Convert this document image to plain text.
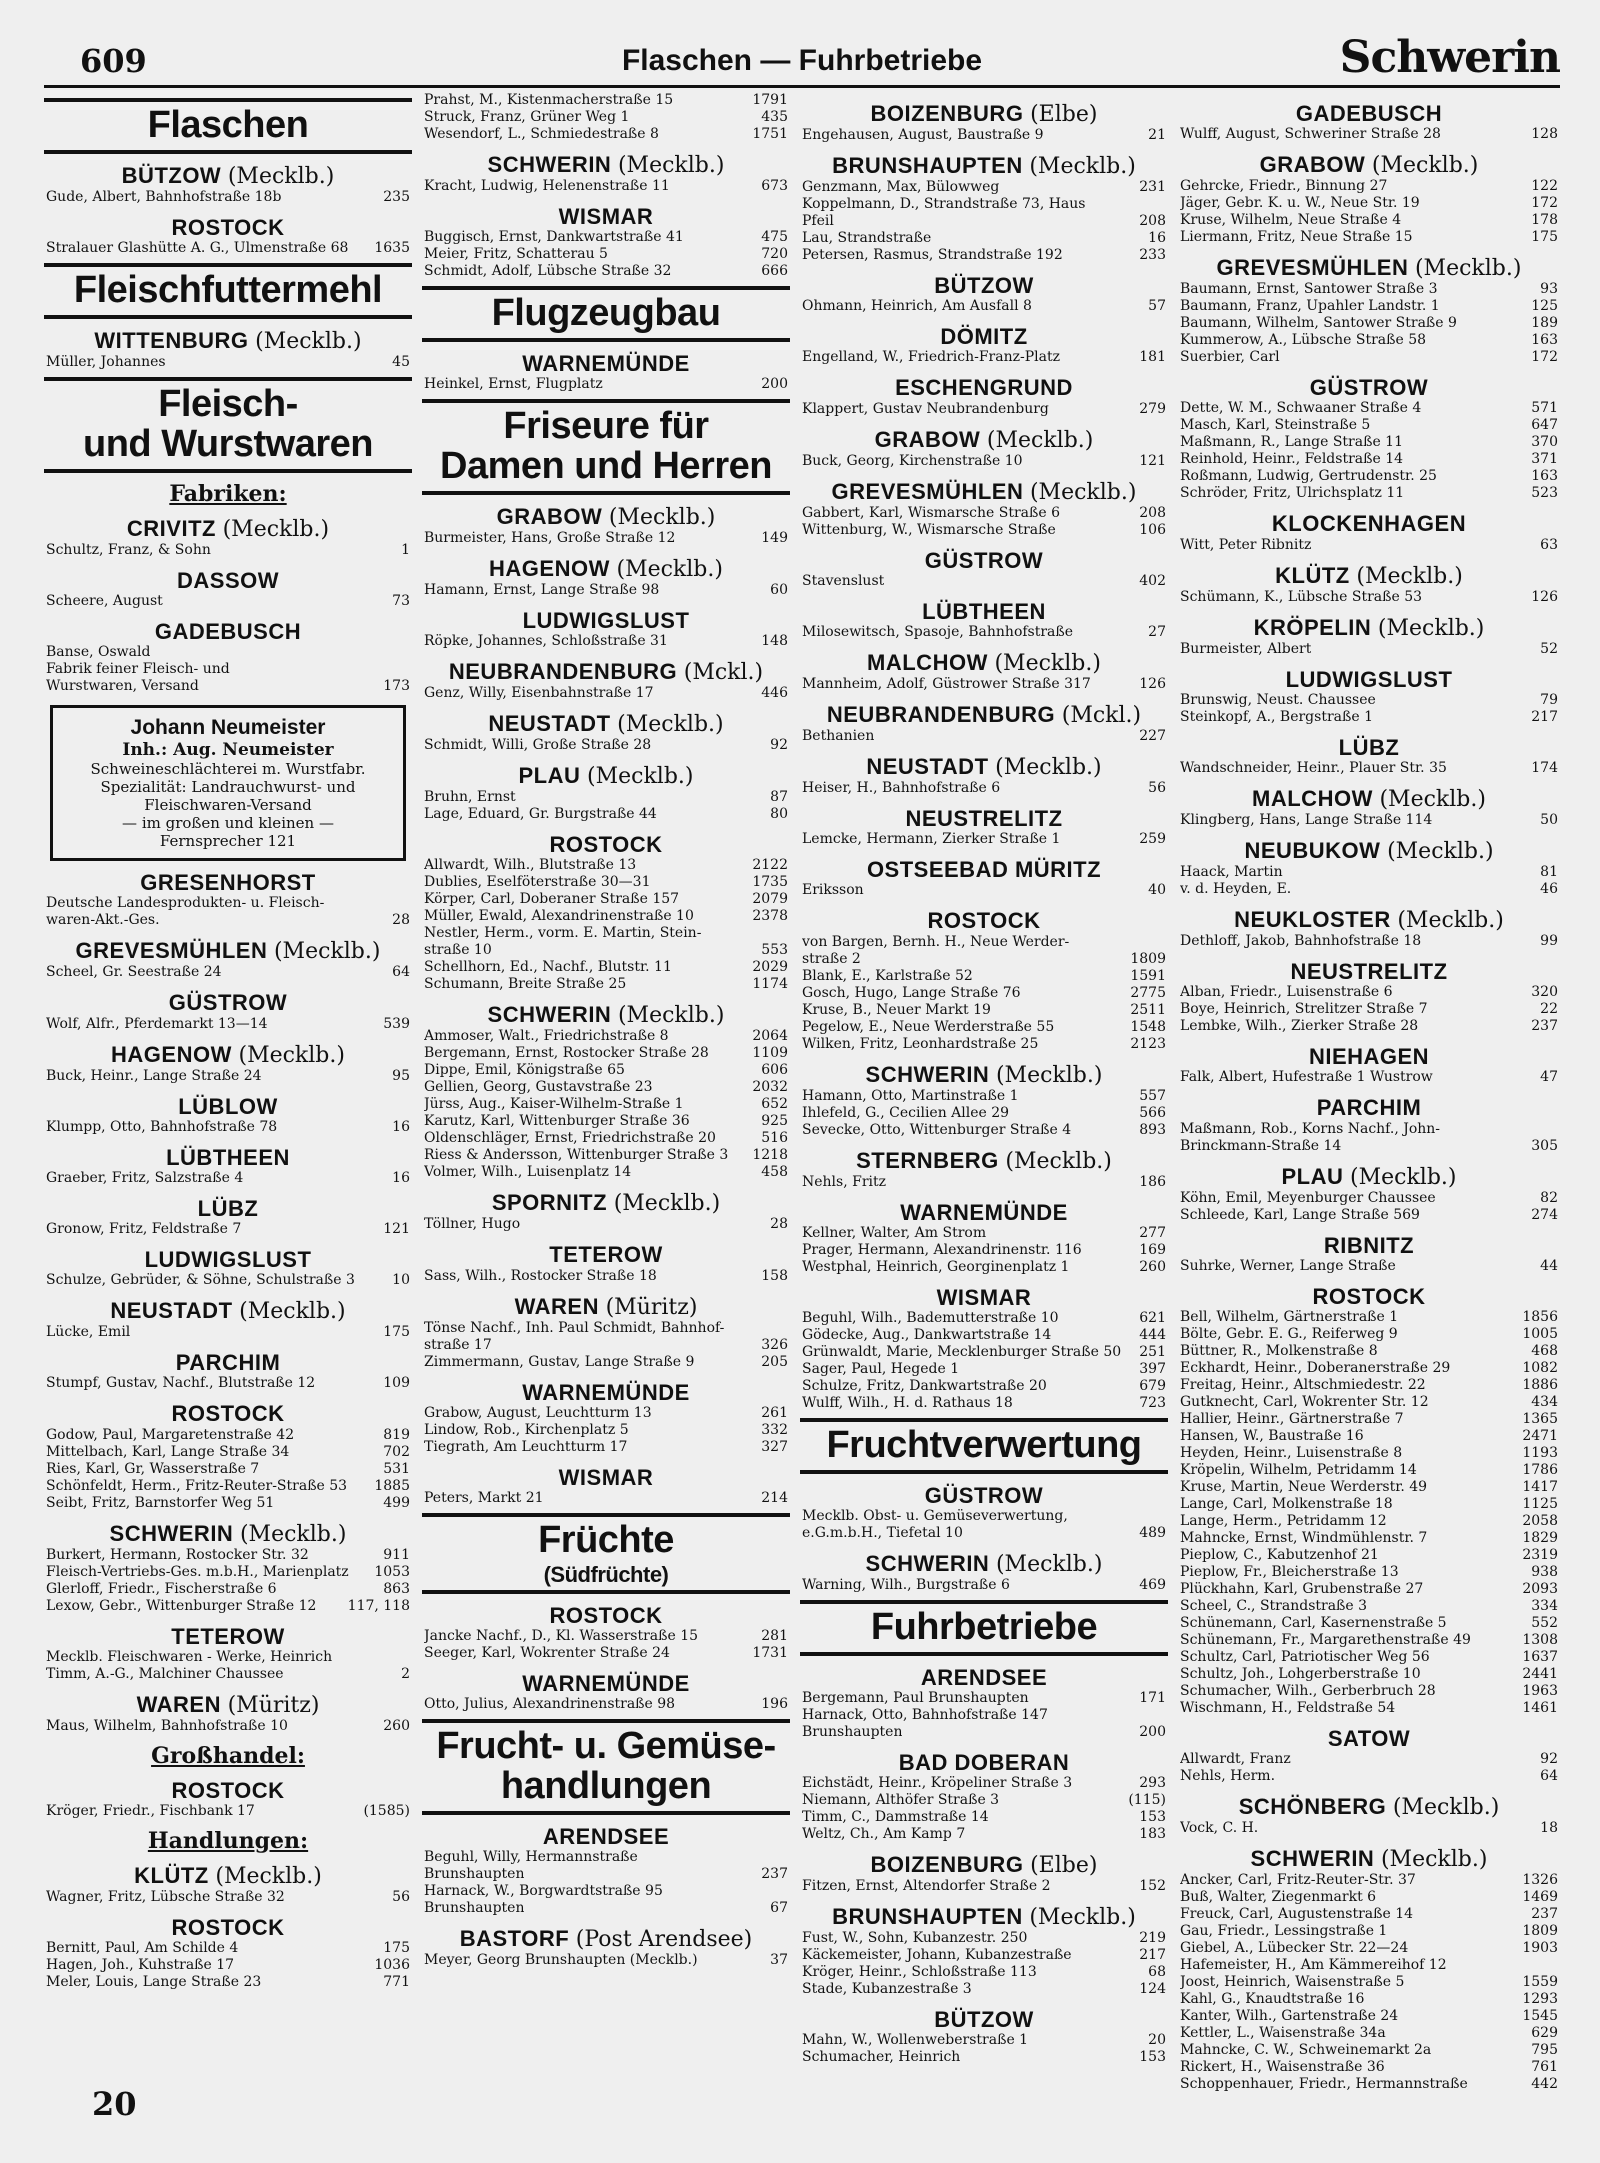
609	Flaschen — Fuhrbetriebe	Schwerin
Flaschen
BÜTZOW (Mecklb.)
Gude, Albert, Bahnhofstraße 18b	235
ROSTOCK
Stralauer Glashütte A. G., Ulmenstraße 68 1635
Fleischfuttermehl
WITTENBURG (Mecklb.)
Müller, Johannes	45
Fleisch-
und Wurstwaren
Fabriken:
CRIVITZ (Mecklb.)
Schultz, Franz, & Sohn	1
DASSOW
Scheere, August	73
GADEBUSCH
Banse, Oswald
Fabrik feiner Fleisch- und
Wurstwaren, Versand	173
Johann Neumeister
Inh.: Aug. Neumeister
Schweineschlächterei m. Wurstfabr.
Spezialität: Landrauchwurst- und
Fleischwaren-Versand
— im großen und kleinen —
Fernsprecher 121
GRESENHORST
Deutsche Landesprodukten- u. Fleisch-
waren-Akt.-Ges.	28
GREVESMÜHLEN (Mecklb.)
Scheel, Gr. Seestraße 24	64
GÜSTROW
Wolf, Alfr., Pferdemarkt 13—14	539
HAGENOW (Mecklb.)
Buck, Heinr., Lange Straße 24	95
LÜBLOW
Klumpp, Otto, Bahnhofstraße 78	16
LÜBTHEEN
Graeber, Fritz, Salzstraße 4	16
LÜBZ
Gronow, Fritz, Feldstraße 7	121
LUDWIGSLUST
Schulze, Gebrüder, & Söhne, Schulstraße 3	10
NEUSTADT (Mecklb.)
Lücke, Emil	175
PARCHIM
Stumpf, Gustav, Nachf., Blutstraße 12	109
ROSTOCK
Godow, Paul, Margaretenstraße 42	819
Mittelbach, Karl, Lange Straße 34	702
Ries, Karl, Gr, Wasserstraße 7	531
Schönfeldt, Herm., Fritz-Reuter-Straße 53 1885
Seibt, Fritz, Barnstorfer Weg 51	499
SCHWERIN (Mecklb.)
Burkert, Hermann, Rostocker Str. 32	911
Fleisch-Vertriebs-Ges. m.b.H., Marienplatz 1053
Glerloff, Friedr., Fischerstraße 6	863
Lexow, Gebr., Wittenburger Straße 12 117, 118
TETEROW
Mecklb. Fleischwaren - Werke, Heinrich
Timm, A.-G., Malchiner Chaussee	2
WAREN (Müritz)
Maus, Wilhelm, Bahnhofstraße 10	260
Großhandel:
ROSTOCK
Kröger, Friedr., Fischbank 17	(1585)
Handlungen:
KLÜTZ (Mecklb.)
Wagner, Fritz, Lübsche Straße 32	56
ROSTOCK
Bernitt, Paul, Am Schilde 4	175
Hagen, Joh., Kuhstraße 17	1036
Meler, Louis, Lange Straße 23	771
Prahst, M., Kistenmacherstraße 15	1791
Struck, Franz, Grüner Weg 1	435
Wesendorf, L., Schmiedestraße 8	1751
SCHWERIN (Mecklb.)
Kracht, Ludwig, Helenenstraße 11	673
WISMAR
Buggisch, Ernst, Dankwartstraße 41	475
Meier, Fritz, Schatterau 5	720
Schmidt, Adolf, Lübsche Straße 32	666
Flugzeugbau
WARNEMÜNDE
Heinkel, Ernst, Flugplatz	200
Friseure für
Damen und Herren
GRABOW (Mecklb.)
Burmeister, Hans, Große Straße 12	149
HAGENOW (Mecklb.)
Hamann, Ernst, Lange Straße 98	60
LUDWIGSLUST
Röpke, Johannes, Schloßstraße 31	148
NEUBRANDENBURG (Mckl.)
Genz, Willy, Eisenbahnstraße 17	446
NEUSTADT (Mecklb.)
Schmidt, Willi, Große Straße 28	92
PLAU (Mecklb.)
Bruhn, Ernst	87
Lage, Eduard, Gr. Burgstraße 44	80
ROSTOCK
Allwardt, Wilh., Blutstraße 13	2122
Dublies, Eselföterstraße 30—31	1735
Körper, Carl, Doberaner Straße 157	2079
Müller, Ewald, Alexandrinenstraße 10	2378
Nestler, Herm., vorm. E. Martin, Stein-
straße 10	553
Schellhorn, Ed., Nachf., Blutstr. 11	2029
Schumann, Breite Straße 25	1174
SCHWERIN (Mecklb.)
Ammoser, Walt., Friedrichstraße 8	2064
Bergemann, Ernst, Rostocker Straße 28	1109
Dippe, Emil, Königstraße 65	606
Gellien, Georg, Gustavstraße 23	2032
Jürss, Aug., Kaiser-Wilhelm-Straße 1	652
Karutz, Karl, Wittenburger Straße 36	925
Oldenschläger, Ernst, Friedrichstraße 20	516
Riess & Andersson, Wittenburger Straße 3 1218
Volmer, Wilh., Luisenplatz 14	458
SPORNITZ (Mecklb.)
Töllner, Hugo	28
TETEROW
Sass, Wilh., Rostocker Straße 18	158
WAREN (Müritz)
Tönse Nachf., Inh. Paul Schmidt, Bahnhof-
straße 17	326
Zimmermann, Gustav, Lange Straße 9	205
WARNEMÜNDE
Grabow, August, Leuchtturm 13	261
Lindow, Rob., Kirchenplatz 5	332
Tiegrath, Am Leuchtturm 17	327
WISMAR
Peters, Markt 21	214
Früchte
(Südfrüchte)
ROSTOCK
Jancke Nachf., D., Kl. Wasserstraße 15	281
Seeger, Karl, Wokrenter Straße 24	1731
WARNEMÜNDE
Otto, Julius, Alexandrinenstraße 98	196
Frucht- u. Gemüse-
handlungen
ARENDSEE
Beguhl, Willy, Hermannstraße
Brunshaupten	237
Harnack, W., Borgwardtstraße 95
Brunshaupten	67
BASTORF (Post Arendsee)
Meyer, Georg Brunshaupten (Mecklb.)	37
BOIZENBURG (Elbe)
Engehausen, August, Baustraße 9	21
BRUNSHAUPTEN (Mecklb.)
Genzmann, Max, Bülowweg	231
Koppelmann, D., Strandstraße 73, Haus
Pfeil	208
Lau, Strandstraße	16
Petersen, Rasmus, Strandstraße 192	233
BÜTZOW
Ohmann, Heinrich, Am Ausfall 8	57
DÖMITZ
Engelland, W., Friedrich-Franz-Platz	181
ESCHENGRUND
Klappert, Gustav Neubrandenburg	279
GRABOW (Mecklb.)
Buck, Georg, Kirchenstraße 10	121
GREVESMÜHLEN (Mecklb.)
Gabbert, Karl, Wismarsche Straße 6	208
Wittenburg, W., Wismarsche Straße	106
GÜSTROW
Stavenslust	402
LÜBTHEEN
Milosewitsch, Spasoje, Bahnhofstraße	27
MALCHOW (Mecklb.)
Mannheim, Adolf, Güstrower Straße 317	126
NEUBRANDENBURG (Mckl.)
Bethanien	227
NEUSTADT (Mecklb.)
Heiser, H., Bahnhofstraße 6	56
NEUSTRELITZ
Lemcke, Hermann, Zierker Straße 1	259
OSTSEEBAD MÜRITZ
Eriksson	40
ROSTOCK
von Bargen, Bernh. H., Neue Werder-
straße 2	1809
Blank, E., Karlstraße 52	1591
Gosch, Hugo, Lange Straße 76	2775
Kruse, B., Neuer Markt 19	2511
Pegelow, E., Neue Werderstraße 55	1548
Wilken, Fritz, Leonhardstraße 25	2123
SCHWERIN (Mecklb.)
Hamann, Otto, Martinstraße 1	557
Ihlefeld, G., Cecilien Allee 29	566
Sevecke, Otto, Wittenburger Straße 4	893
STERNBERG (Mecklb.)
Nehls, Fritz	186
WARNEMÜNDE
Kellner, Walter, Am Strom	277
Prager, Hermann, Alexandrinenstr. 116	169
Westphal, Heinrich, Georginenplatz 1	260
WISMAR
Beguhl, Wilh., Bademutterstraße 10	621
Gödecke, Aug., Dankwartstraße 14	444
Grünwaldt, Marie, Mecklenburger Straße 50 251
Sager, Paul, Hegede 1	397
Schulze, Fritz, Dankwartstraße 20	679
Wulff, Wilh., H. d. Rathaus 18	723
Fruchtverwertung
GÜSTROW
Mecklb. Obst- u. Gemüseverwertung,
e.G.m.b.H., Tiefetal 10	489
SCHWERIN (Mecklb.)
Warning, Wilh., Burgstraße 6	469
Fuhrbetriebe
ARENDSEE
Bergemann, Paul Brunshaupten	171
Harnack, Otto, Bahnhofstraße 147
Brunshaupten	200
BAD DOBERAN
Eichstädt, Heinr., Kröpeliner Straße 3	293
Niemann, Althöfer Straße 3	(115)
Timm, C., Dammstraße 14	153
Weltz, Ch., Am Kamp 7	183
BOIZENBURG (Elbe)
Fitzen, Ernst, Altendorfer Straße 2	152
BRUNSHAUPTEN (Mecklb.)
Fust, W., Sohn, Kubanzestr. 250	219
Käckemeister, Johann, Kubanzestraße	217
Kröger, Heinr., Schloßstraße 113	68
Stade, Kubanzestraße 3	124
BÜTZOW
Mahn, W., Wollenweberstraße 1	20
Schumacher, Heinrich	153
GADEBUSCH
Wulff, August, Schweriner Straße 28	128
GRABOW (Mecklb.)
Gehrcke, Friedr., Binnung 27	122
Jäger, Gebr. K. u. W., Neue Str. 19	172
Kruse, Wilhelm, Neue Straße 4	178
Liermann, Fritz, Neue Straße 15	175
GREVESMÜHLEN (Mecklb.)
Baumann, Ernst, Santower Straße 3	93
Baumann, Franz, Upahler Landstr. 1	125
Baumann, Wilhelm, Santower Straße 9	189
Kummerow, A., Lübsche Straße 58	163
Suerbier, Carl	172
GÜSTROW
Dette, W. M., Schwaaner Straße 4	571
Masch, Karl, Steinstraße 5	647
Maßmann, R., Lange Straße 11	370
Reinhold, Heinr., Feldstraße 14	371
Roßmann, Ludwig, Gertrudenstr. 25	163
Schröder, Fritz, Ulrichsplatz 11	523
KLOCKENHAGEN
Witt, Peter Ribnitz	63
KLÜTZ (Mecklb.)
Schümann, K., Lübsche Straße 53	126
KRÖPELIN (Mecklb.)
Burmeister, Albert	52
LUDWIGSLUST
Brunswig, Neust. Chaussee	79
Steinkopf, A., Bergstraße 1	217
LÜBZ
Wandschneider, Heinr., Plauer Str. 35	174
MALCHOW (Mecklb.)
Klingberg, Hans, Lange Straße 114	50
NEUBUKOW (Mecklb.)
Haack, Martin	81
v. d. Heyden, E.	46
NEUKLOSTER (Mecklb.)
Dethloff, Jakob, Bahnhofstraße 18	99
NEUSTRELITZ
Alban, Friedr., Luisenstraße 6	320
Boye, Heinrich, Strelitzer Straße 7	22
Lembke, Wilh., Zierker Straße 28	237
NIEHAGEN
Falk, Albert, Hufestraße 1 Wustrow	47
PARCHIM
Maßmann, Rob., Korns Nachf., John-
Brinckmann-Straße 14	305
PLAU (Mecklb.)
Köhn, Emil, Meyenburger Chaussee	82
Schleede, Karl, Lange Straße 569	274
RIBNITZ
Suhrke, Werner, Lange Straße	44
ROSTOCK
Bell, Wilhelm, Gärtnerstraße 1	1856
Bölte, Gebr. E. G., Reiferweg 9	1005
Büttner, R., Molkenstraße 8	468
Eckhardt, Heinr., Doberanerstraße 29	1082
Freitag, Heinr., Altschmiedestr. 22	1886
Gutknecht, Carl, Wokrenter Str. 12	434
Hallier, Heinr., Gärtnerstraße 7	1365
Hansen, W., Baustraße 16	2471
Heyden, Heinr., Luisenstraße 8	1193
Kröpelin, Wilhelm, Petridamm 14	1786
Kruse, Martin, Neue Werderstr. 49	1417
Lange, Carl, Molkenstraße 18	1125
Lange, Herm., Petridamm 12	2058
Mahncke, Ernst, Windmühlenstr. 7	1829
Pieplow, C., Kabutzenhof 21	2319
Pieplow, Fr., Bleicherstraße 13	938
Plückhahn, Karl, Grubenstraße 27	2093
Scheel, C., Strandstraße 3	334
Schünemann, Carl, Kasernenstraße 5	552
Schünemann, Fr., Margarethenstraße 49	1308
Schultz, Carl, Patriotischer Weg 56	1637
Schultz, Joh., Lohgerberstraße 10	2441
Schumacher, Wilh., Gerberbruch 28	1963
Wischmann, H., Feldstraße 54	1461
SATOW
Allwardt, Franz	92
Nehls, Herm.	64
SCHÖNBERG (Mecklb.)
Vock, C. H.	18
SCHWERIN (Mecklb.)
Ancker, Carl, Fritz-Reuter-Str. 37	1326
Buß, Walter, Ziegenmarkt 6	1469
Freuck, Carl, Augustenstraße 14	237
Gau, Friedr., Lessingstraße 1	1809
Giebel, A., Lübecker Str. 22—24	1903
Hafemeister, H., Am Kämmereihof 12
Joost, Heinrich, Waisenstraße 5	1559
Kahl, G., Knaudtstraße 16	1293
Kanter, Wilh., Gartenstraße 24	1545
Kettler, L., Waisenstraße 34a	629
Mahncke, C. W., Schweinemarkt 2a	795
Rickert, H., Waisenstraße 36	761
Schoppenhauer, Friedr., Hermannstraße	442
20
